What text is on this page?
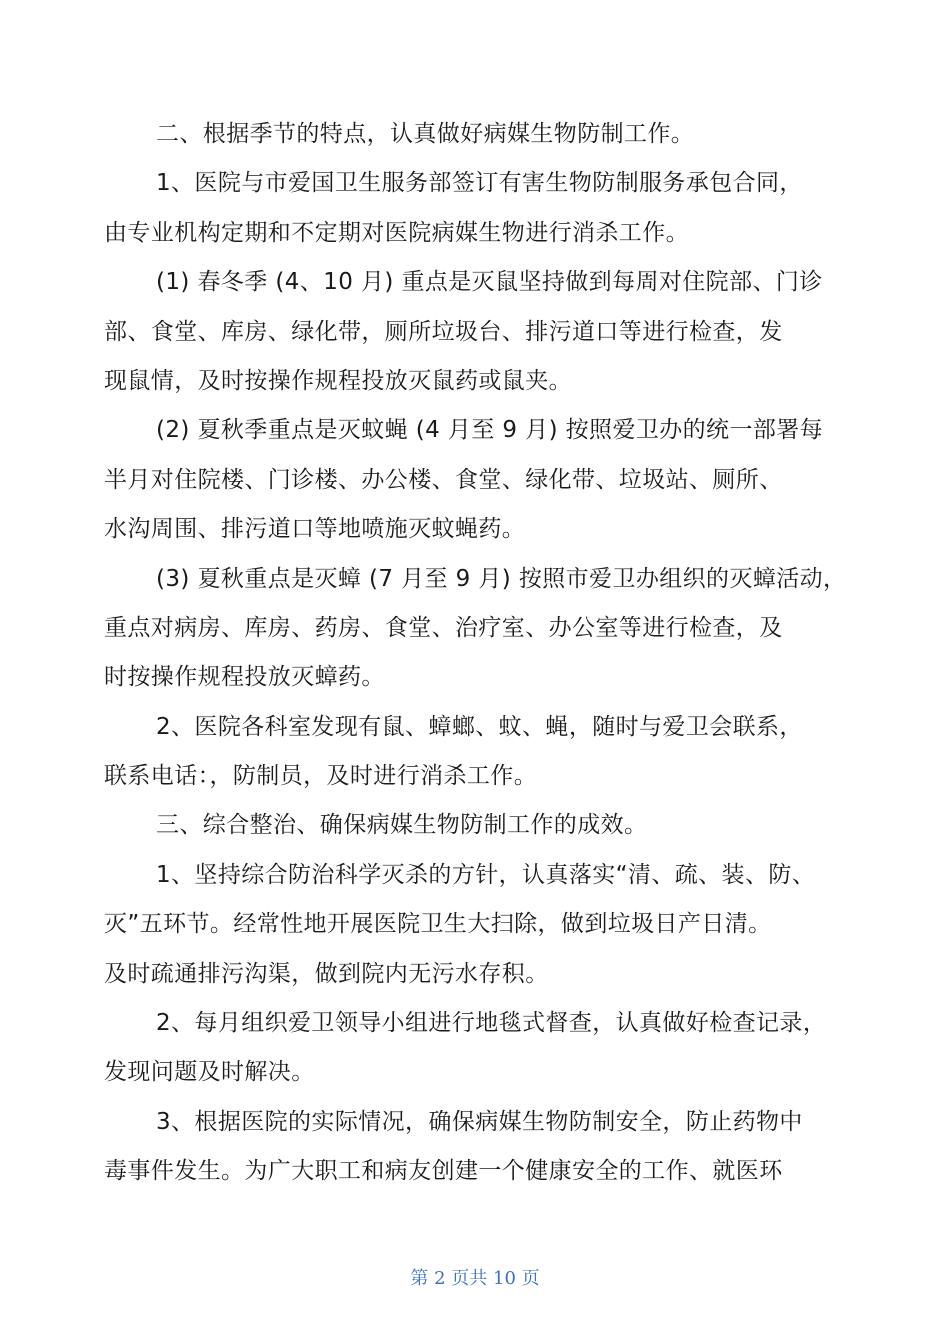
二、根据季节的特点，认真做好病媒生物防制工作。
1、医院与市爱国卫生服务部签订有害生物防制服务承包合同，
由专业机构定期和不定期对医院病媒生物进行消杀工作。
(1) 春冬季 (4、10 月) 重点是灭鼠坚持做到每周对住院部、门诊
部、食堂、库房、绿化带，厕所垃圾台、排污道口等进行检查，发
现鼠情，及时按操作规程投放灭鼠药或鼠夹。
(2) 夏秋季重点是灭蚊蝇 (4 月至 9 月) 按照爱卫办的统一部署每
半月对住院楼、门诊楼、办公楼、食堂、绿化带、垃圾站、厕所、
水沟周围、排污道口等地喷施灭蚊蝇药。
(3) 夏秋重点是灭蟑 (7 月至 9 月) 按照市爱卫办组织的灭蟑活动，
重点对病房、库房、药房、食堂、治疗室、办公室等进行检查，及
时按操作规程投放灭蟑药。
2、医院各科室发现有鼠、蟑螂、蚊、蝇，随时与爱卫会联系，
联系电话：，防制员，及时进行消杀工作。
三、综合整治、确保病媒生物防制工作的成效。
1、坚持综合防治科学灭杀的方针，认真落实“清、疏、装、防、
灭”五环节。经常性地开展医院卫生大扫除，做到垃圾日产日清。
及时疏通排污沟渠，做到院内无污水存积。
2、每月组织爱卫领导小组进行地毯式督查，认真做好检查记录，
发现问题及时解决。
3、根据医院的实际情况，确保病媒生物防制安全，防止药物中
毒事件发生。为广大职工和病友创建一个健康安全的工作、就医环
第 2 页共 10 页
